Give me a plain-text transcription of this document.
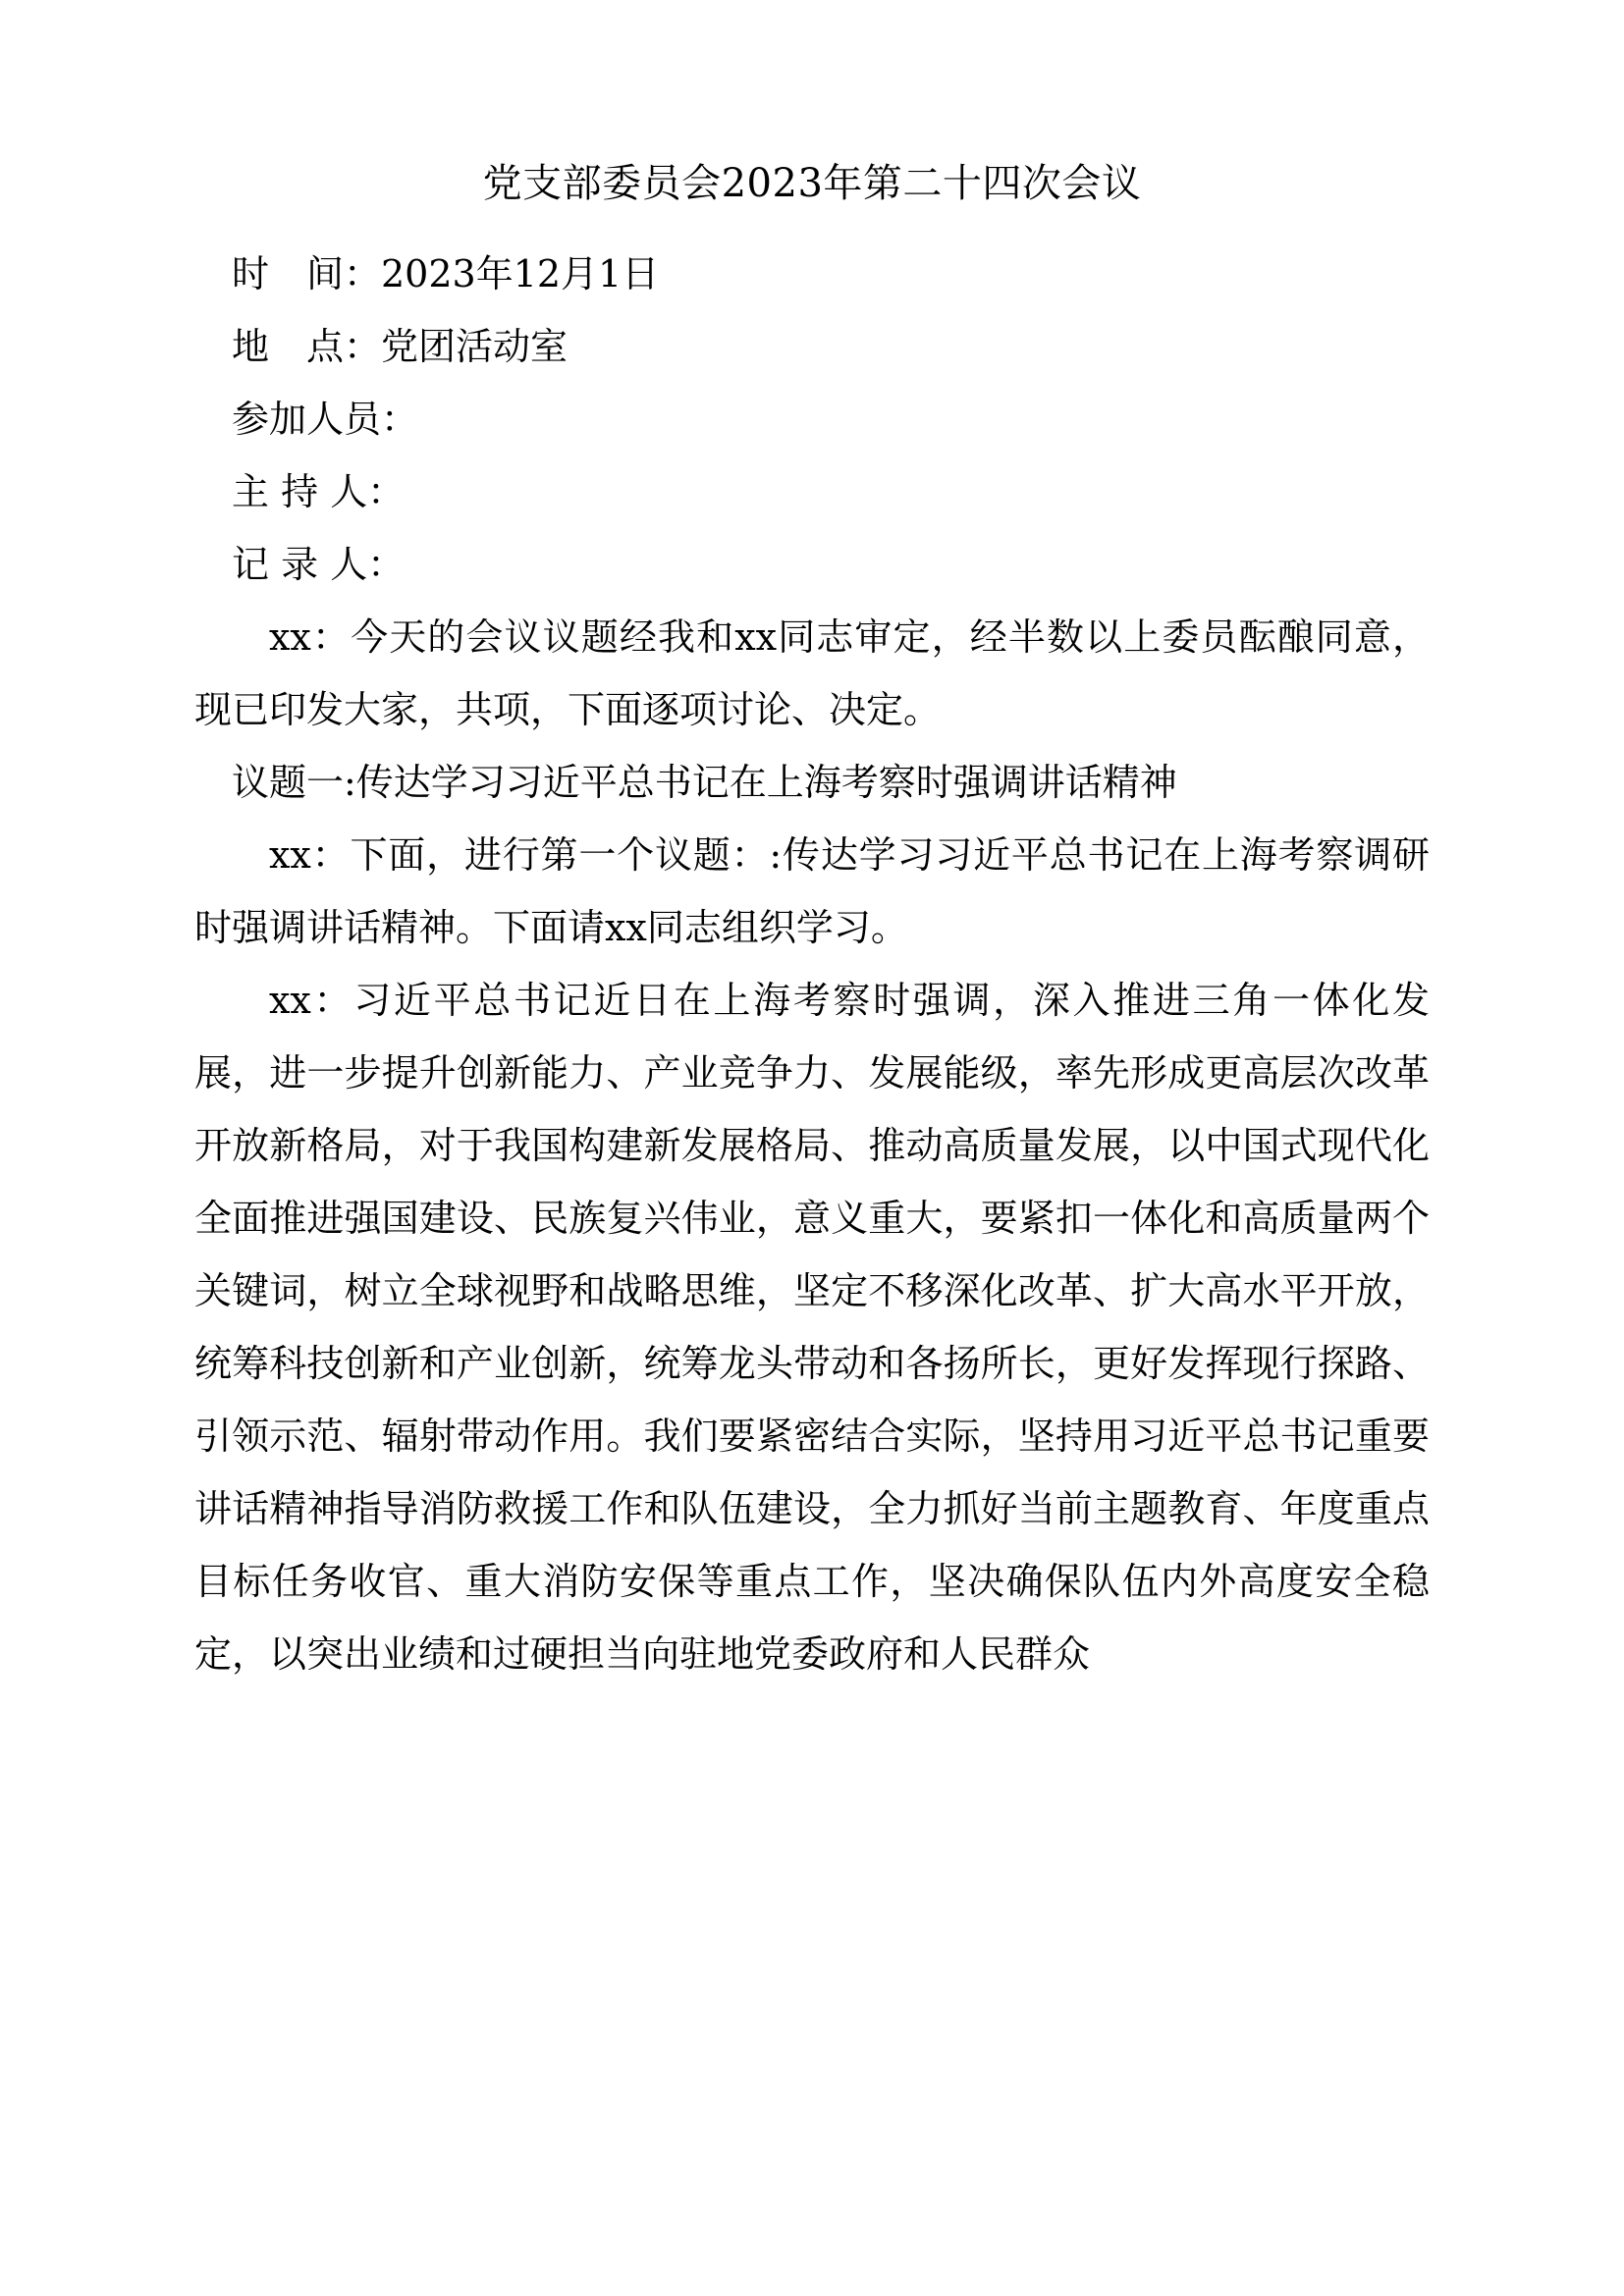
党支部委员会2023年第二十四次会议

时　间：2023年12月1日

地　点：党团活动室

参加人员：

主 持 人：

记 录 人：

xx：今天的会议议题经我和xx同志审定，经半数以上委员酝酿同意，现已印发大家，共项，下面逐项讨论、决定。

议题一:传达学习习近平总书记在上海考察时强调讲话精神

xx：下面，进行第一个议题：:传达学习习近平总书记在上海考察调研时强调讲话精神。下面请xx同志组织学习。

xx：习近平总书记近日在上海考察时强调，深入推进三角一体化发展，进一步提升创新能力、产业竞争力、发展能级，率先形成更高层次改革开放新格局，对于我国构建新发展格局、推动高质量发展，以中国式现代化全面推进强国建设、民族复兴伟业，意义重大，要紧扣一体化和高质量两个关键词，树立全球视野和战略思维，坚定不移深化改革、扩大高水平开放，统筹科技创新和产业创新，统筹龙头带动和各扬所长，更好发挥现行探路、引领示范、辐射带动作用。我们要紧密结合实际，坚持用习近平总书记重要讲话精神指导消防救援工作和队伍建设，全力抓好当前主题教育、年度重点目标任务收官、重大消防安保等重点工作，坚决确保队伍内外高度安全稳定，以突出业绩和过硬担当向驻地党委政府和人民群众
